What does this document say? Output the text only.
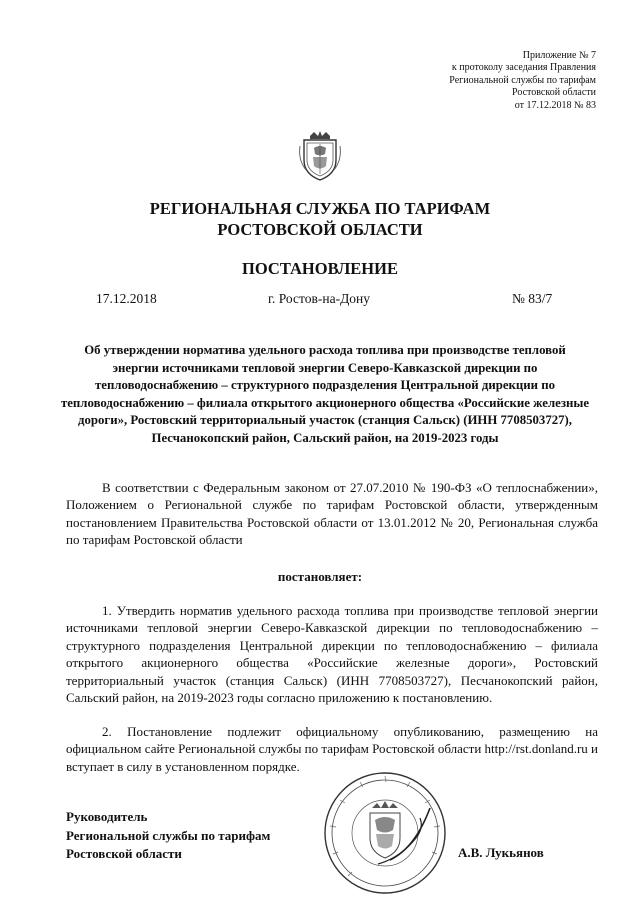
Приложение № 7
к протоколу заседания Правления
Региональной службы по тарифам
Ростовской области
от 17.12.2018 № 83
РЕГИОНАЛЬНАЯ СЛУЖБА ПО ТАРИФАМ
РОСТОВСКОЙ ОБЛАСТИ
ПОСТАНОВЛЕНИЕ
17.12.2018	г. Ростов-на-Дону	№ 83/7
Об утверждении норматива удельного расхода топлива при производстве тепловой энергии источниками тепловой энергии Северо-Кавказской дирекции по тепловодоснабжению – структурного подразделения Центральной дирекции по тепловодоснабжению – филиала открытого акционерного общества «Российские железные дороги», Ростовский территориальный участок (станция Сальск) (ИНН 7708503727), Песчанокопский район, Сальский район, на 2019-2023 годы
В соответствии с Федеральным законом от 27.07.2010 № 190-ФЗ «О теплоснабжении», Положением о Региональной службе по тарифам Ростовской области, утвержденным постановлением Правительства Ростовской области от 13.01.2012 № 20, Региональная служба по тарифам Ростовской области
постановляет:
1. Утвердить норматив удельного расхода топлива при производстве тепловой энергии источниками тепловой энергии Северо-Кавказской дирекции по тепловодоснабжению – структурного подразделения Центральной дирекции по тепловодоснабжению – филиала открытого акционерного общества «Российские железные дороги», Ростовский территориальный участок (станция Сальск) (ИНН 7708503727), Песчанокопский район, Сальский район, на 2019-2023 годы согласно приложению к постановлению.
2. Постановление подлежит официальному опубликованию, размещению на официальном сайте Региональной службы по тарифам Ростовской области http://rst.donland.ru и вступает в силу в установленном порядке.
Руководитель
Региональной службы по тарифам
Ростовской области	А.В. Лукьянов
